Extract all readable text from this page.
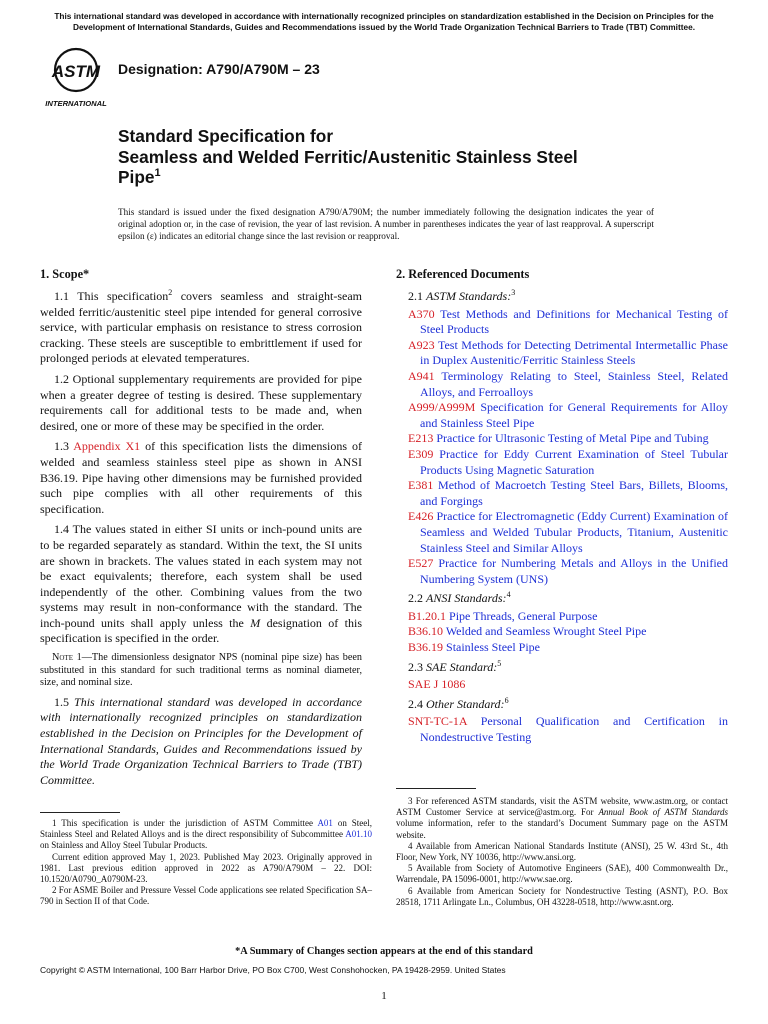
This international standard was developed in accordance with internationally recognized principles on standardization established in the Decision on Principles for the Development of International Standards, Guides and Recommendations issued by the World Trade Organization Technical Barriers to Trade (TBT) Committee.
ASTM
INTERNATIONAL
Designation: A790/A790M – 23
Standard Specification for
Seamless and Welded Ferritic/Austenitic Stainless Steel
Pipe$^1$
This standard is issued under the fixed designation A790/A790M; the number immediately following the designation indicates the year of original adoption or, in the case of revision, the year of last revision. A number in parentheses indicates the year of last reapproval. A superscript epsilon (ε) indicates an editorial change since the last revision or reapproval.
1. Scope*

1.1 This specification$^2$ covers seamless and straight-seam welded ferritic/austenitic steel pipe intended for general corrosive service, with particular emphasis on resistance to stress corrosion cracking. These steels are susceptible to embrittlement if used for prolonged periods at elevated temperatures.

1.2 Optional supplementary requirements are provided for pipe when a greater degree of testing is desired. These supplementary requirements call for additional tests to be made and, when desired, one or more of these may be specified in the order.

1.3 Appendix X1 of this specification lists the dimensions of welded and seamless stainless steel pipe as shown in ANSI B36.19. Pipe having other dimensions may be furnished provided such pipe complies with all other requirements of this specification.

1.4 The values stated in either SI units or inch-pound units are to be regarded separately as standard. Within the text, the SI units are shown in brackets. The values stated in each system may not be exact equivalents; therefore, each system shall be used independently of the other. Combining values from the two systems may result in non-conformance with the standard. The inch-pound units shall apply unless the M designation of this specification is specified in the order.

Note 1—The dimensionless designator NPS (nominal pipe size) has been substituted in this standard for such traditional terms as nominal diameter, size, and nominal size.

1.5 This international standard was developed in accordance with internationally recognized principles on standardization established in the Decision on Principles for the Development of International Standards, Guides and Recommendations issued by the World Trade Organization Technical Barriers to Trade (TBT) Committee.

2. Referenced Documents
2.1 ASTM Standards:$^3$
A370 Test Methods and Definitions for Mechanical Testing of Steel Products
A923 Test Methods for Detecting Detrimental Intermetallic Phase in Duplex Austenitic/Ferritic Stainless Steels
A941 Terminology Relating to Steel, Stainless Steel, Related Alloys, and Ferroalloys
A999/A999M Specification for General Requirements for Alloy and Stainless Steel Pipe
E213 Practice for Ultrasonic Testing of Metal Pipe and Tubing
E309 Practice for Eddy Current Examination of Steel Tubular Products Using Magnetic Saturation
E381 Method of Macroetch Testing Steel Bars, Billets, Blooms, and Forgings
E426 Practice for Electromagnetic (Eddy Current) Examination of Seamless and Welded Tubular Products, Titanium, Austenitic Stainless Steel and Similar Alloys
E527 Practice for Numbering Metals and Alloys in the Unified Numbering System (UNS)
2.2 ANSI Standards:$^4$
B1.20.1 Pipe Threads, General Purpose
B36.10 Welded and Seamless Wrought Steel Pipe
B36.19 Stainless Steel Pipe
2.3 SAE Standard:$^5$
SAE J 1086
2.4 Other Standard:$^6$
SNT-TC-1A Personal Qualification and Certification in Nondestructive Testing

1 This specification is under the jurisdiction of ASTM Committee A01 on Steel, Stainless Steel and Related Alloys and is the direct responsibility of Subcommittee A01.10 on Stainless and Alloy Steel Tubular Products.

Current edition approved May 1, 2023. Published May 2023. Originally approved in 1981. Last previous edition approved in 2022 as A790/A790M – 22. DOI: 10.1520/A0790_A0790M-23.

2 For ASME Boiler and Pressure Vessel Code applications see related Specification SA–790 in Section II of that Code.

3 For referenced ASTM standards, visit the ASTM website, www.astm.org, or contact ASTM Customer Service at service@astm.org. For Annual Book of ASTM Standards volume information, refer to the standard’s Document Summary page on the ASTM website.

4 Available from American National Standards Institute (ANSI), 25 W. 43rd St., 4th Floor, New York, NY 10036, http://www.ansi.org.

5 Available from Society of Automotive Engineers (SAE), 400 Commonwealth Dr., Warrendale, PA 15096-0001, http://www.sae.org.

6 Available from American Society for Nondestructive Testing (ASNT), P.O. Box 28518, 1711 Arlingate Ln., Columbus, OH 43228-0518, http://www.asnt.org.

*A Summary of Changes section appears at the end of this standard
Copyright © ASTM International, 100 Barr Harbor Drive, PO Box C700, West Conshohocken, PA 19428-2959. United States
1
